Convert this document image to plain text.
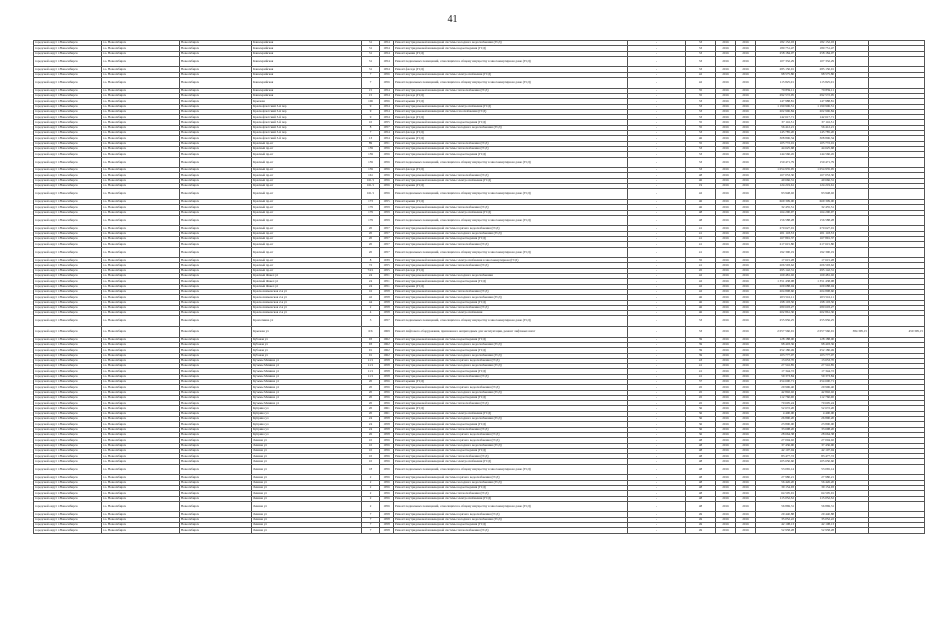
41
городской округ г.Новосибирск	г.о. Новосибирск	Новосибирск	Кавалерийская	31	1954	Ремонт внутридомовой инженерной системы холодного водоснабжения (ГСД)	-	33	2016	2016	182 152,03	182 152,03		
городской округ г.Новосибирск	г.о. Новосибирск	Новосибирск	Кавалерийская	31	1954	Ремонт внутридомовой инженерной системы водоотведения (ГСД)	-	33	2016	2016	180 751,47	180 751,47		
городской округ г.Новосибирск	г.о. Новосибирск	Новосибирск	Кавалерийская	31	1954	Ремонт крыши (ГСД)	-	33	2016	2016	258 184,07	258 184,07		
городской округ г.Новосибирск	г.о. Новосибирск	Новосибирск	Кавалерийская	31	1954	Ремонт подвальных помещений, относящихся к общему имуществу в многоквартирном доме (ГСД)	-	33	2016	2016	107 332,29	107 332,29		
городской округ г.Новосибирск	г.о. Новосибирск	Новосибирск	Кавалерийская	31	1954	Ремонт фасада (ГСД)	-	33	2016	2016	285 150,91	285 150,91		
городской округ г.Новосибирск	г.о. Новосибирск	Новосибирск	Кавалерийская	7	1956	Ремонт внутридомовой инженерной системы электроснабжения (ГСД)	-	42	2016	2016	98 575,80	98 575,80		
городской округ г.Новосибирск	г.о. Новосибирск	Новосибирск	Кавалерийская	7	1956	Ремонт подвальных помещений, относящихся к общему имуществу в многоквартирном доме (ГСД)	-	42	2016	2016	115 825,01	115 825,01		
городской округ г.Новосибирск	г.о. Новосибирск	Новосибирск	Кавалерийская	15	1954	Ремонт внутридомовой инженерной системы теплоснабжения (ГСД)	-	35	2016	2016	79 859,11	79 859,11		
городской округ г.Новосибирск	г.о. Новосибирск	Новосибирск	Кавалерийская	15	1954	Ремонт фасада (ГСД)	-	35	2016	2016	292 572,95	292 572,95		
городской округ г.Новосибирск	г.о. Новосибирск	Новосибирск	Крылова	106	1956	Ремонт крыши (ГСД)	-	33	2016	2016	147 988,81	147 988,81		
городской округ г.Новосибирск	г.о. Новосибирск	Новосибирск	Краснофлотский 3-й пер	9	1954	Ремонт внутридомовой инженерной системы электроснабжения (ГСД)	-	33	2016	2016	1 190 906,51	1 190 906,51		
городской округ г.Новосибирск	г.о. Новосибирск	Новосибирск	Краснофлотский 3-й пер	9	1954	Ремонт внутридомовой инженерной системы газоснабжения (ГСД)	-	33	2016	2016	202 996,84	202 996,84		
городской округ г.Новосибирск	г.о. Новосибирск	Новосибирск	Краснофлотский 3-й пер	9	1954	Ремонт фасада (ГСД)	-	33	2016	2016	142 617,71	142 617,71		
городской округ г.Новосибирск	г.о. Новосибирск	Новосибирск	Краснофлотский 3-й пер	10	1955	Ремонт внутридомовой инженерной системы водоотведения (ГСД)	-	35	2016	2016	37 116,51	37 116,51		
городской округ г.Новосибирск	г.о. Новосибирск	Новосибирск	Краснофлотский 3-й пер	8	1957	Ремонт внутридомовой инженерной системы холодного водоснабжения (ГСД)	-	35	2016	2016	56 412,21	56 412,21		
городской округ г.Новосибирск	г.о. Новосибирск	Новосибирск	Краснофлотский 3-й пер	7	1954	Ремонт фасада (ГСД)	-	33	2016	2016	145 785,20	145 785,20		
городской округ г.Новосибирск	г.о. Новосибирск	Новосибирск	Краснофлотский 3-й пер	13	1954	Ремонт крыши (ГСД)	-	46	2016	2016	308 806,34	308 806,34		
городской округ г.Новосибирск	г.о. Новосибирск	Новосибирск	Красный пр-кт	89	1951	Ремонт внутридомовой инженерной системы теплоснабжения (ГСД)	-	35	2016	2016	105 772,01	105 772,01		
городской округ г.Новосибирск	г.о. Новосибирск	Новосибирск	Красный пр-кт	159	1956	Ремонт внутридомовой инженерной системы теплоснабжения (ГСД)	-	33	2016	2016	44 625,68	44 625,68		
городской округ г.Новосибирск	г.о. Новосибирск	Новосибирск	Красный пр-кт	159	1956	Ремонт внутридомовой инженерной системы водоотведения (ГСД)	-	33	2016	2016	144 560,45	144 560,45		
городской округ г.Новосибирск	г.о. Новосибирск	Новосибирск	Красный пр-кт	159	1956	Ремонт подвальных помещений, относящихся к общему имуществу в многоквартирном доме (ГСД)	-	33	2016	2016	150 471,79	150 471,79		
городской округ г.Новосибирск	г.о. Новосибирск	Новосибирск	Красный пр-кт	159	1956	Ремонт фасада (ГСД)	-	33	2016	2016	1 054 935,95	1 054 935,95		
городской округ г.Новосибирск	г.о. Новосибирск	Новосибирск	Красный пр-кт	161	1956	Ремонт внутридомовой инженерной системы теплоснабжения (ГСД)	-	48	2016	2016	167 053,30	167 053,30		
городской округ г.Новосибирск	г.о. Новосибирск	Новосибирск	Красный пр-кт	161/1	1956	Ремонт внутридомовой инженерной системы электроснабжения (ГСД)	-	46	2016	2016	40 666,31	40 666,31		
городской округ г.Новосибирск	г.о. Новосибирск	Новосибирск	Красный пр-кт	161/1	1956	Ремонт крыши (ГСД)	-	19	2016	2016	124 219,61	124 219,61		
городской округ г.Новосибирск	г.о. Новосибирск	Новосибирск	Красный пр-кт	161/1	1956	Ремонт подвальных помещений, относящихся к общему имуществу в многоквартирном доме (ГСД)	-	42	2016	2016	93 948,02	93 948,02		
городской округ г.Новосибирск	г.о. Новосибирск	Новосибирск	Красный пр-кт	173	1955	Ремонт крыши (ГСД)	-	46	2016	2016	669 309,00	669 309,00		
городской округ г.Новосибирск	г.о. Новосибирск	Новосибирск	Красный пр-кт	179	1959	Ремонт внутридомовой инженерной системы теплоснабжения (ГСД)	-	46	2016	2016	32 455,51	32 455,51		
городской округ г.Новосибирск	г.о. Новосибирск	Новосибирск	Красный пр-кт	179	1959	Ремонт внутридомовой инженерной системы электроснабжения (ГСД)	-	48	2016	2016	164 290,97	164 290,97		
городской округ г.Новосибирск	г.о. Новосибирск	Новосибирск	Красный пр-кт	179	1959	Ремонт подвальных помещений, относящихся к общему имуществу в многоквартирном доме (ГСД)	-	48	2016	2016	156 588,28	156 588,28		
городской округ г.Новосибирск	г.о. Новосибирск	Новосибирск	Красный пр-кт	20	1957	Ремонт внутридомовой инженерной системы горячего водоснабжения (ГСД)	-	41	2016	2016	270 627,01	270 627,01		
городской округ г.Новосибирск	г.о. Новосибирск	Новосибирск	Красный пр-кт	20	1957	Ремонт внутридомовой инженерной системы холодного водоснабжения (ГСД)	-	41	2016	2016	201 118,53	201 118,53		
городской округ г.Новосибирск	г.о. Новосибирск	Новосибирск	Красный пр-кт	20	1957	Ремонт внутридомовой инженерной системы водоотведения (ГСД)	-	41	2016	2016	167 891,37	167 891,37		
городской округ г.Новосибирск	г.о. Новосибирск	Новосибирск	Красный пр-кт	20	1957	Ремонт внутридомовой инженерной системы теплоснабжения (ГСД)	-	41	2016	2016	217 615,80	217 615,80		
городской округ г.Новосибирск	г.о. Новосибирск	Новосибирск	Красный пр-кт	20	1957	Ремонт подвальных помещений, относящихся к общему имуществу в многоквартирном доме (ГСД)	-	41	2016	2016	192 390,19	192 390,19		
городской округ г.Новосибирск	г.о. Новосибирск	Новосибирск	Красный пр-кт	8	1939	Ремонт внутридомовой инженерной системы электроснабжения в многоквартирном (ГСД)	-	35	2016	2016	17 615,28	17 615,28		
городской округ г.Новосибирск	г.о. Новосибирск	Новосибирск	Красный пр-кт	72	1955	Ремонт внутридомовой инженерной системы теплоснабжения (ГСД)	-	41	2016	2016	206 593,62	206 593,62		
городской округ г.Новосибирск	г.о. Новосибирск	Новосибирск	Красный пр-кт	74/1	1955	Ремонт фасада (ГСД)	-	45	2016	2016	295 142,31	295 142,31		
городской округ г.Новосибирск	г.о. Новосибирск	Новосибирск	Красный Факел ул	24	1951	Ремонт внутридомовой инженерной системы холодного водоснабжения	-	42	2016	2016	169 481,02	169 481,02		
городской округ г.Новосибирск	г.о. Новосибирск	Новосибирск	Красный Факел ул	24	1951	Ремонт внутридомовой инженерной системы водоотведения (ГСД)	-	42	2016	2016	1 351 438,98	1 351 438,98		
городской округ г.Новосибирск	г.о. Новосибирск	Новосибирск	Красный Факел ул	24	1951	Ремонт крыши (ГСД)	-	42	2016	2016	209 688,04	209 688,04		
городской округ г.Новосибирск	г.о. Новосибирск	Новосибирск	Краснознаменская 2-я ул	16	1958	Ремонт внутридомовой инженерной системы теплоснабжения (ГСД)	-	42	2016	2016	204 898,60	204 898,60		
городской округ г.Новосибирск	г.о. Новосибирск	Новосибирск	Краснознаменская 2-я ул	42	1958	Ремонт внутридомовой инженерной системы холодного водоснабжения (ГСД)	-	46	2016	2016	203 516,11	203 516,11		
городской округ г.Новосибирск	г.о. Новосибирск	Новосибирск	Краснознаменская 2-я ул	44	1958	Ремонт внутридомовой инженерной системы водоотведения (ГСД)	-	46	2016	2016	198 103,50	198 103,50		
городской округ г.Новосибирск	г.о. Новосибирск	Новосибирск	Краснознаменская 2-я ул	2	1958	Ремонт внутридомовой инженерной системы теплоснабжения (ГСД)	-	46	2016	2016	280 603,27	280 603,27		
городской округ г.Новосибирск	г.о. Новосибирск	Новосибирск	Краснознаменская 2-я ул	4	1958	Ремонт внутридомовой инженерной системы электроснабжения	-	46	2016	2016	202 861,30	202 861,30		
городской округ г.Новосибирск	г.о. Новосибирск	Новосибирск	Кропоткина ул	3	1957	Ремонт подвальных помещений, относящихся к общему имуществу в многоквартирном доме (ГСД)	-	33	2016	2016	255 956,25	255 956,25		
городской округ г.Новосибирск	г.о. Новосибирск	Новосибирск	Крылова ул	6/6	1969	Ремонт лифтового оборудования, признанного непригодным для эксплуатации, ремонт лифтовых шахт	-	33	2016	2016	2 057 560,91	2 057 560,91	384 395,15	450 395,15
городской округ г.Новосибирск	г.о. Новосибирск	Новосибирск	Кубовая ул	93	1962	Ремонт внутридомовой инженерной системы водоотведения (ГСД)	-	39	2016	2016	128 188,00	128 188,00		
городской округ г.Новосибирск	г.о. Новосибирск	Новосибирск	Кубовая ул	93	1962	Ремонт внутридомовой инженерной системы холодного водоснабжения (ГСД)	-	39	2016	2016	98 403,36	98 403,36		
городской округ г.Новосибирск	г.о. Новосибирск	Новосибирск	Кубовая ул	91	1962	Ремонт внутридомовой инженерной системы водоотведения (ГСД)	-	39	2016	2016	252 180,49	252 180,49		
городской округ г.Новосибирск	г.о. Новосибирск	Новосибирск	Кубовая ул	91	1962	Ремонт внутридомовой инженерной системы холодного водоснабжения (ГСД)	-	39	2016	2016	103 777,07	103 777,07		
городской округ г.Новосибирск	г.о. Новосибирск	Новосибирск	Кузьмы Минина ул	11/1	1958	Ремонт внутридомовой инженерной системы горячего водоснабжения (ГСД)	-	43	2016	2016	13 653,70	13 653,70		
городской округ г.Новосибирск	г.о. Новосибирск	Новосибирск	Кузьмы Минина ул	11/1	1958	Ремонт внутридомовой инженерной системы холодного водоснабжения (ГСД)	-	41	2016	2016	27 516,85	27 516,85		
городской округ г.Новосибирск	г.о. Новосибирск	Новосибирск	Кузьмы Минина ул	11/1	1958	Ремонт внутридомовой инженерной системы водоотведения (ГСД)	-	41	2016	2016	17 344,72	17 344,72		
городской округ г.Новосибирск	г.о. Новосибирск	Новосибирск	Кузьмы Минина ул	11/1	1958	Ремонт внутридомовой инженерной системы теплоснабжения (ГСД)	-	41	2016	2016	59 373,84	59 373,84		
городской округ г.Новосибирск	г.о. Новосибирск	Новосибирск	Кузьмы Минина ул	20	1956	Ремонт крыши (ГСД)	-	37	2016	2016	254 600,71	254 600,71		
городской округ г.Новосибирск	г.о. Новосибирск	Новосибирск	Кузьмы Минина ул	20	1956	Ремонт внутридомовой инженерной системы горячего водоснабжения (ГСД)	-	45	2016	2016	29 996,40	29 996,40		
городской округ г.Новосибирск	г.о. Новосибирск	Новосибирск	Кузьмы Минина ул	20	1956	Ремонт внутридомовой инженерной системы холодного водоснабжения (ГСД)	-	45	2016	2016	42 802,02	42 802,02		
городской округ г.Новосибирск	г.о. Новосибирск	Новосибирск	Кузьмы Минина ул	20	1956	Ремонт внутридомовой инженерной системы водоотведения (ГСД)	-	45	2016	2016	112 760,00	112 760,00		
городской округ г.Новосибирск	г.о. Новосибирск	Новосибирск	Кузьмы Минина ул	20	1956	Ремонт внутридомовой инженерной системы теплоснабжения (ГСД)	-	45	2016	2016	70 605,24	70 605,24		
городской округ г.Новосибирск	г.о. Новосибирск	Новосибирск	Куприна ул	20	1961	Ремонт крыши (ГСД)	-	36	2016	2016	52 672,20	52 672,20		
городской округ г.Новосибирск	г.о. Новосибирск	Новосибирск	Куприна ул	20	1961	Ремонт внутридомовой инженерной системы электроснабжения (ГСД)	-	36	2016	2016	4 400,00	4 400,00		
городской округ г.Новосибирск	г.о. Новосибирск	Новосибирск	Куприна ул	24	1958	Ремонт внутридомовой инженерной системы холодного водоснабжения (ГСД)	-	36	2016	2016	26 890,20	26 890,20		
городской округ г.Новосибирск	г.о. Новосибирск	Новосибирск	Куприна ул	24	1958	Ремонт внутридомовой инженерной системы водоотведения (ГСД)	-	36	2016	2016	23 800,00	23 800,00		
городской округ г.Новосибирск	г.о. Новосибирск	Новосибирск	Куприна ул	24	1958	Ремонт внутридомовой инженерной системы теплоснабжения (ГСД)	-	36	2016	2016	33 698,20	33 698,20		
городской округ г.Новосибирск	г.о. Новосибирск	Новосибирск	Куприна ул	26	1958	Ремонт внутридомовой инженерной системы горячего водоснабжения (ГСД)	-	36	2016	2016	28 664,38	28 664,38		
городской округ г.Новосибирск	г.о. Новосибирск	Новосибирск	Ленина ул	10	1956	Ремонт внутридомовой инженерной системы горячего водоснабжения (ГСД)	-	48	2016	2016	27 004,02	27 004,02		
городской округ г.Новосибирск	г.о. Новосибирск	Новосибирск	Ленина ул	10	1956	Ремонт внутридомовой инженерной системы холодного водоснабжения (ГСД)	-	48	2016	2016	37 436,90	37 436,90		
городской округ г.Новосибирск	г.о. Новосибирск	Новосибирск	Ленина ул	10	1956	Ремонт внутридомовой инженерной системы водоотведения (ГСД)	-	48	2016	2016	42 107,04	42 107,04		
городской округ г.Новосибирск	г.о. Новосибирск	Новосибирск	Ленина ул	10	1956	Ремонт внутридомовой инженерной системы теплоснабжения (ГСД)	-	48	2016	2016	83 477,72	83 477,72		
городской округ г.Новосибирск	г.о. Новосибирск	Новосибирск	Ленина ул	10	1956	Ремонт внутридомовой инженерной системы электроснабжения (ГСД)	-	48	2016	2016	105 650,60	105 650,60		
городской округ г.Новосибирск	г.о. Новосибирск	Новосибирск	Ленина ул	18	1956	Ремонт подвальных помещений, относящихся к общему имуществу в многоквартирном доме (ГСД)	-	48	2016	2016	53 065,14	53 065,14		
городской округ г.Новосибирск	г.о. Новосибирск	Новосибирск	Ленина ул	2	1956	Ремонт внутридомовой инженерной системы горячего водоснабжения (ГСД)	-	48	2016	2016	27 980,21	27 980,21		
городской округ г.Новосибирск	г.о. Новосибирск	Новосибирск	Ленина ул	2	1956	Ремонт внутридомовой инженерной системы холодного водоснабжения (ГСД)	-	48	2016	2016	56 426,20	56 426,20		
городской округ г.Новосибирск	г.о. Новосибирск	Новосибирск	Ленина ул	2	1956	Ремонт внутридомовой инженерной системы водоотведения (ГСД)	-	48	2016	2016	39 154,93	39 154,93		
городской округ г.Новосибирск	г.о. Новосибирск	Новосибирск	Ленина ул	2	1956	Ремонт внутридомовой инженерной системы теплоснабжения (ГСД)	-	48	2016	2016	64 505,91	64 505,91		
городской округ г.Новосибирск	г.о. Новосибирск	Новосибирск	Ленина ул	2	1956	Ремонт внутридомовой инженерной системы электроснабжения (ГСД)	-	48	2016	2016	115 052,32	115 052,32		
городской округ г.Новосибирск	г.о. Новосибирск	Новосибирск	Ленина ул	2	1956	Ремонт подвальных помещений, относящихся к общему имуществу в многоквартирном доме (ГСД)	-	48	2016	2016	56 869,31	56 869,31		
городской округ г.Новосибирск	г.о. Новосибирск	Новосибирск	Ленина ул	7	1958	Ремонт внутридомовой инженерной системы горячего водоснабжения (ГСД)	-	49	2016	2016	29 440,88	29 440,88		
городской округ г.Новосибирск	г.о. Новосибирск	Новосибирск	Ленина ул	7	1958	Ремонт внутридомовой инженерной системы холодного водоснабжения (ГСД)	-	49	2016	2016	35 052,22	35 052,22		
городской округ г.Новосибирск	г.о. Новосибирск	Новосибирск	Ленина ул	7	1958	Ремонт внутридомовой инженерной системы водоотведения (ГСД)	-	49	2016	2016	42 108,13	42 108,13		
городской округ г.Новосибирск	г.о. Новосибирск	Новосибирск	Ленина ул	7	1958	Ремонт внутридомовой инженерной системы теплоснабжения (ГСД)	-	49	2016	2016	52 958,28	52 958,28		
